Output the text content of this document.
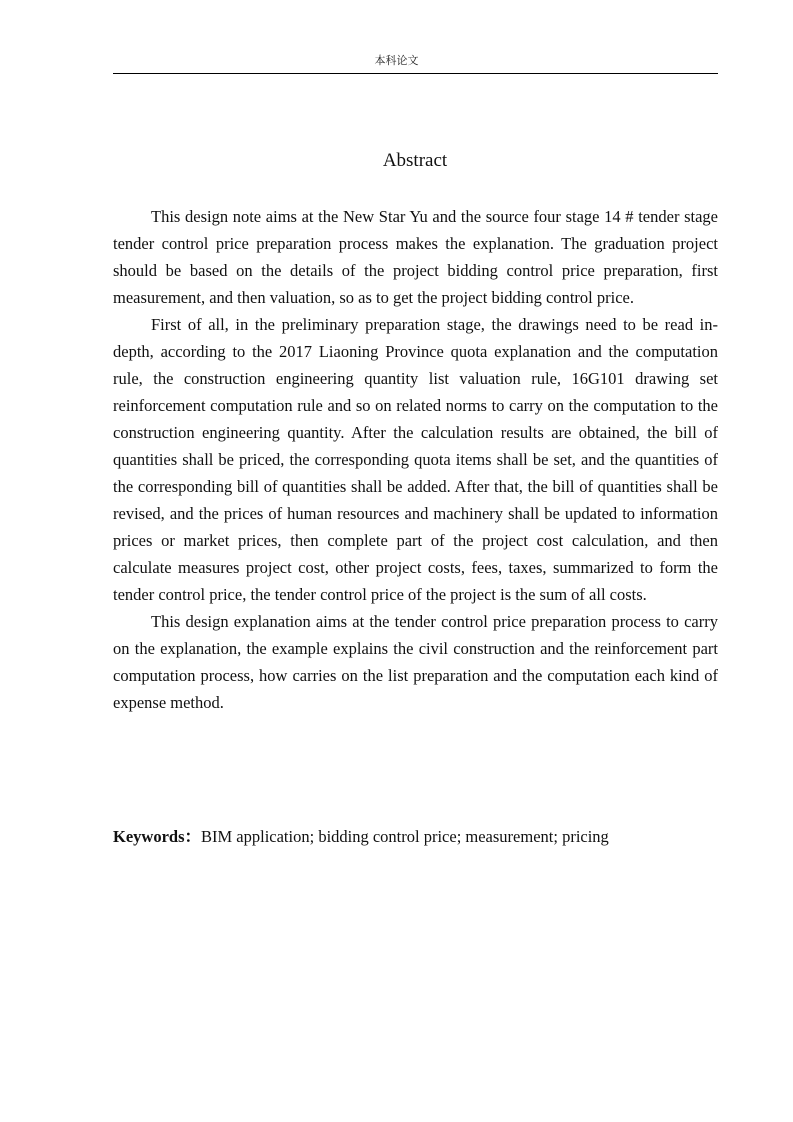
本科论文
Abstract

This design note aims at the New Star Yu and the source four stage 14 # tender stage tender control price preparation process makes the explanation. The graduation project should be based on the details of the project bidding control price preparation, first measurement, and then valuation, so as to get the project bidding control price.

First of all, in the preliminary preparation stage, the drawings need to be read in-depth, according to the 2017 Liaoning Province quota explanation and the computation rule, the construction engineering quantity list valuation rule, 16G101 drawing set reinforcement computation rule and so on related norms to carry on the computation to the construction engineering quantity. After the calculation results are obtained, the bill of quantities shall be priced, the corresponding quota items shall be set, and the quantities of the corresponding bill of quantities shall be added. After that, the bill of quantities shall be revised, and the prices of human resources and machinery shall be updated to information prices or market prices, then complete part of the project cost calculation, and then calculate measures project cost, other project costs, fees, taxes, summarized to form the tender control price, the tender control price of the project is the sum of all costs.

This design explanation aims at the tender control price preparation process to carry on the explanation, the example explains the civil construction and the reinforcement part computation process, how carries on the list preparation and the computation each kind of expense method.

Keywords：BIM application; bidding control price; measurement; pricing
